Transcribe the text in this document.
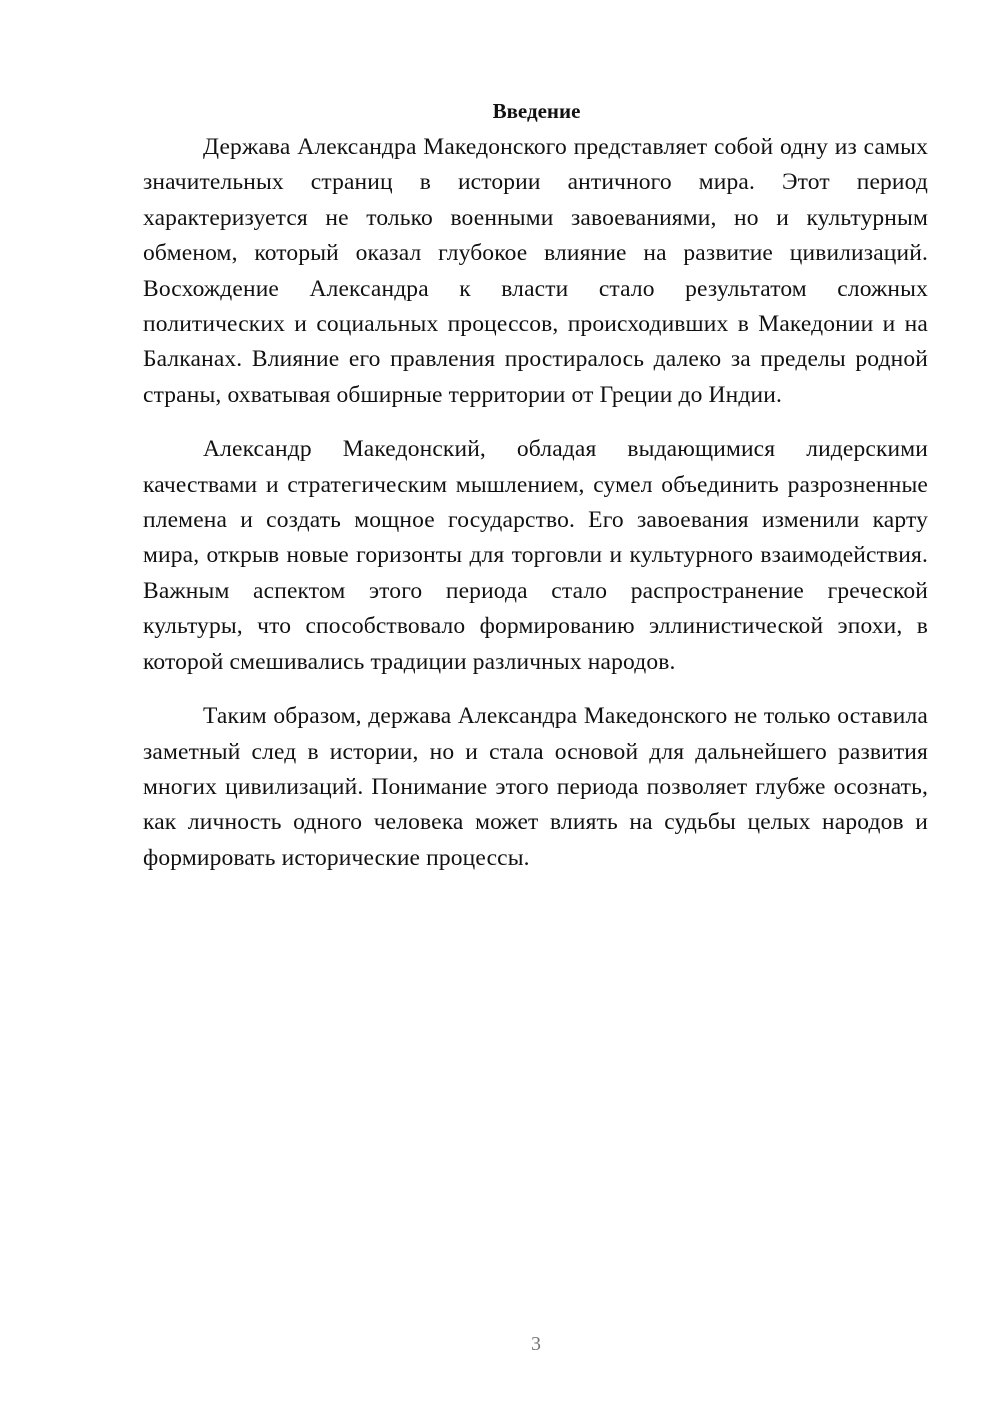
Введение

Держава Александра Македонского представляет собой одну из самых значительных страниц в истории античного мира. Этот период характеризуется не только военными завоеваниями, но и культурным обменом, который оказал глубокое влияние на развитие цивилизаций. Восхождение Александра к власти стало результатом сложных политических и социальных процессов, происходивших в Македонии и на Балканах. Влияние его правления простиралось далеко за пределы родной страны, охватывая обширные территории от Греции до Индии.

Александр Македонский, обладая выдающимися лидерскими качествами и стратегическим мышлением, сумел объединить разрозненные племена и создать мощное государство. Его завоевания изменили карту мира, открыв новые горизонты для торговли и культурного взаимодействия. Важным аспектом этого периода стало распространение греческой культуры, что способствовало формированию эллинистической эпохи, в которой смешивались традиции различных народов.

Таким образом, держава Александра Македонского не только оставила заметный след в истории, но и стала основой для дальнейшего развития многих цивилизаций. Понимание этого периода позволяет глубже осознать, как личность одного человека может влиять на судьбы целых народов и формировать исторические процессы.

3
